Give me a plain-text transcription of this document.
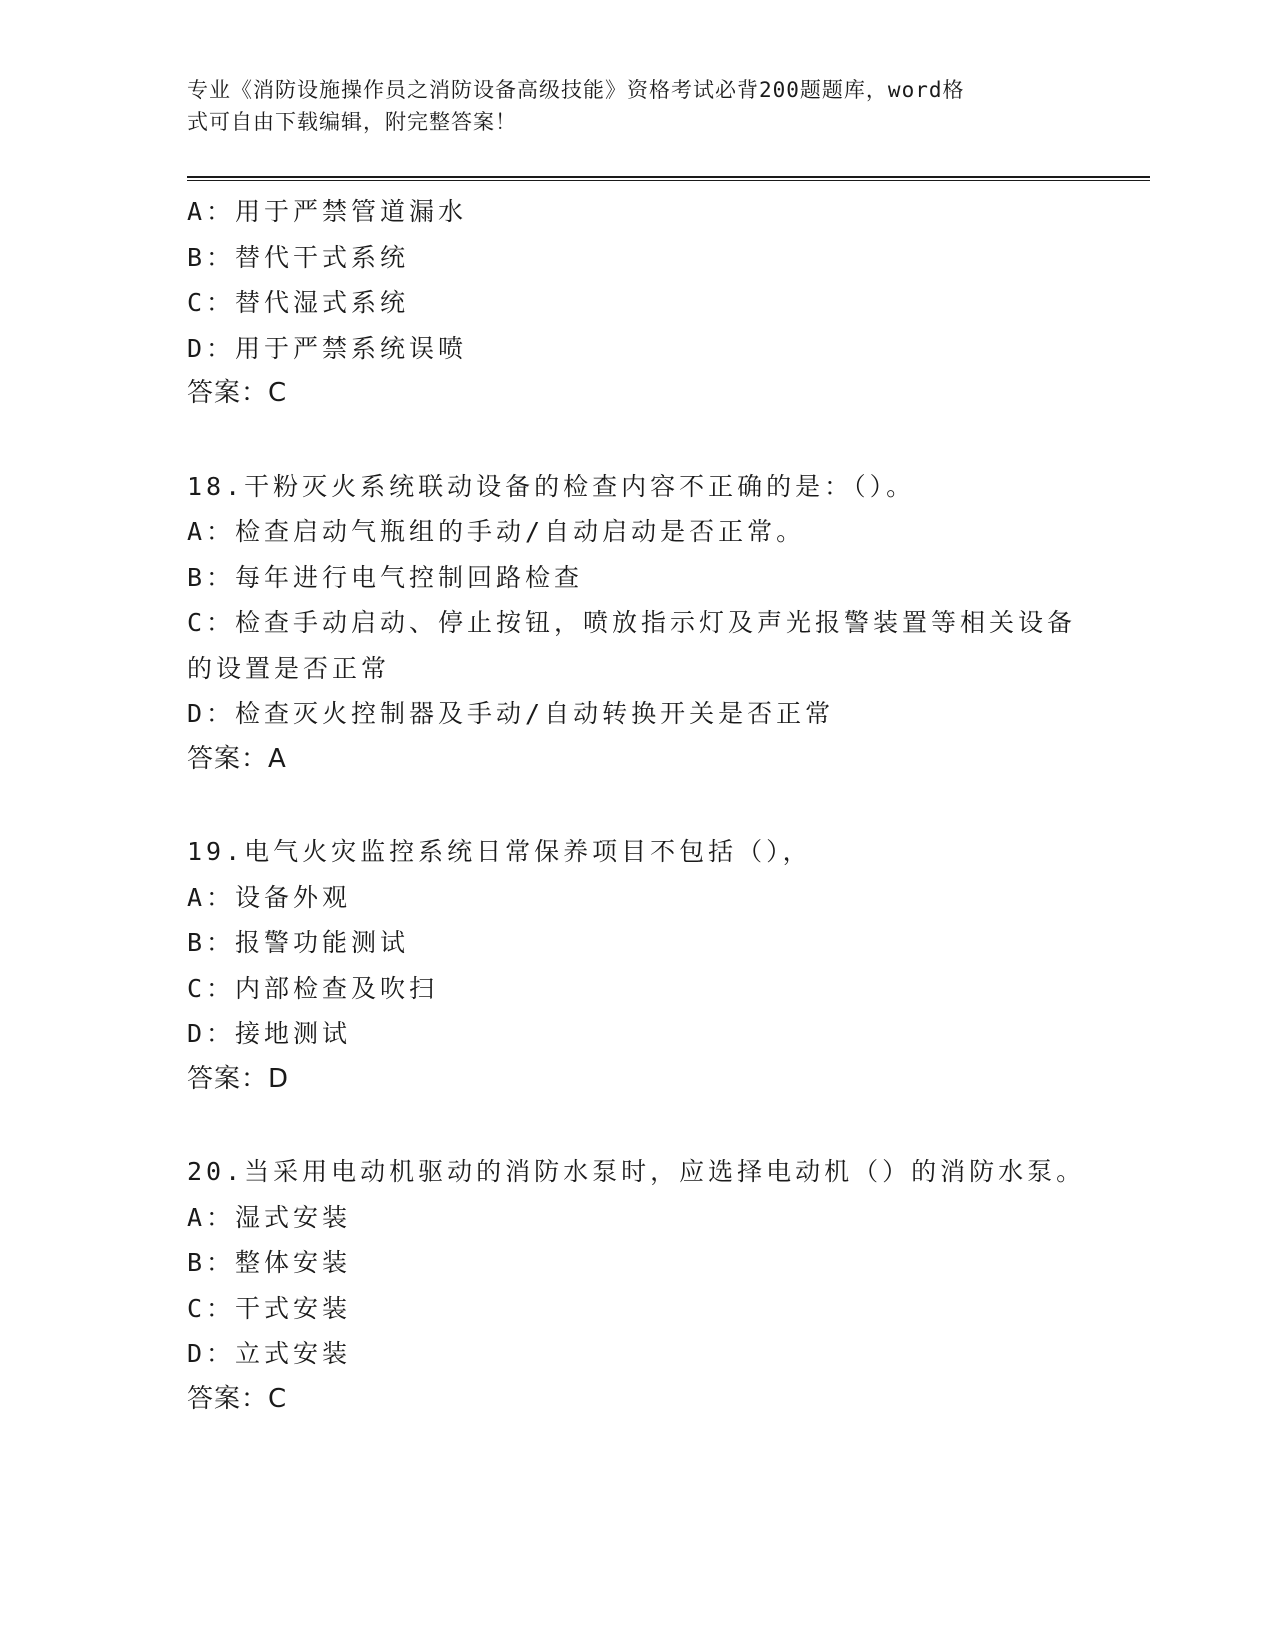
专业《消防设施操作员之消防设备高级技能》资格考试必背200题题库，word格
式可自由下载编辑，附完整答案！

A：用于严禁管道漏水

B：替代干式系统

C：替代湿式系统

D：用于严禁系统误喷

答案：C

18.干粉灭火系统联动设备的检查内容不正确的是：（）。

A：检查启动气瓶组的手动/自动启动是否正常。

B：每年进行电气控制回路检查

C：检查手动启动、停止按钮，喷放指示灯及声光报警装置等相关设备

的设置是否正常

D：检查灭火控制器及手动/自动转换开关是否正常

答案：A

19.电气火灾监控系统日常保养项目不包括（），

A：设备外观

B：报警功能测试

C：内部检查及吹扫

D：接地测试

答案：D

20.当采用电动机驱动的消防水泵时，应选择电动机（）的消防水泵。

A：湿式安装

B：整体安装

C：干式安装

D：立式安装

答案：C
